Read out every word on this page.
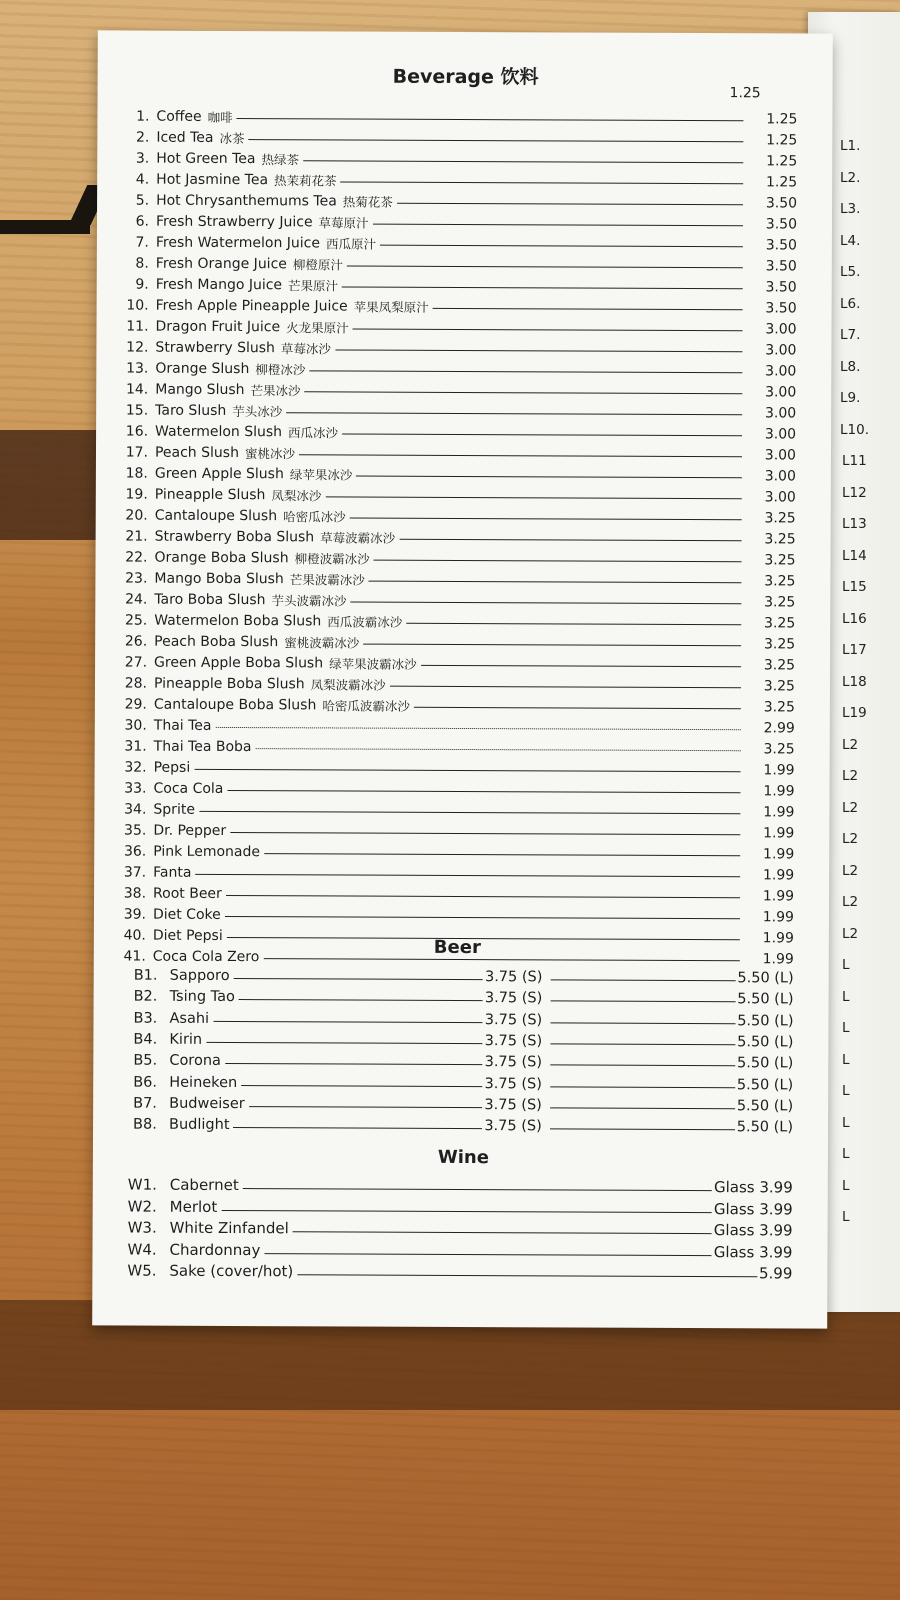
L1.
L2.
L3.
L4.
L5.
L6.
L7.
L8.
L9.
L10.
L11
L12
L13
L14
L15
L16
L17
L18
L19
L2
L2
L2
L2
L2
L2
L2
L
L
L
L
L
L
L
L
L
Beverage 饮料
1.25
1. Coffee 咖啡	1.25
2. Iced Tea 冰茶	1.25
3. Hot Green Tea 热绿茶	1.25
4. Hot Jasmine Tea 热茉莉花茶	1.25
5. Hot Chrysanthemums Tea 热菊花茶	3.50
6. Fresh Strawberry Juice 草莓原汁	3.50
7. Fresh Watermelon Juice 西瓜原汁	3.50
8. Fresh Orange Juice 柳橙原汁	3.50
9. Fresh Mango Juice 芒果原汁	3.50
10. Fresh Apple Pineapple Juice 苹果凤梨原汁	3.50
11. Dragon Fruit Juice 火龙果原汁	3.00
12. Strawberry Slush 草莓冰沙	3.00
13. Orange Slush 柳橙冰沙	3.00
14. Mango Slush 芒果冰沙	3.00
15. Taro Slush 芋头冰沙	3.00
16. Watermelon Slush 西瓜冰沙	3.00
17. Peach Slush 蜜桃冰沙	3.00
18. Green Apple Slush 绿苹果冰沙	3.00
19. Pineapple Slush 凤梨冰沙	3.00
20. Cantaloupe Slush 哈密瓜冰沙	3.25
21. Strawberry Boba Slush 草莓波霸冰沙	3.25
22. Orange Boba Slush 柳橙波霸冰沙	3.25
23. Mango Boba Slush 芒果波霸冰沙	3.25
24. Taro Boba Slush 芋头波霸冰沙	3.25
25. Watermelon Boba Slush 西瓜波霸冰沙	3.25
26. Peach Boba Slush 蜜桃波霸冰沙	3.25
27. Green Apple Boba Slush 绿苹果波霸冰沙	3.25
28. Pineapple Boba Slush 凤梨波霸冰沙	3.25
29. Cantaloupe Boba Slush 哈密瓜波霸冰沙	3.25
30. Thai Tea	2.99
31. Thai Tea Boba	3.25
32. Pepsi	1.99
33. Coca Cola	1.99
34. Sprite	1.99
35. Dr. Pepper	1.99
36. Pink Lemonade	1.99
37. Fanta	1.99
38. Root Beer	1.99
39. Diet Coke	1.99
40. Diet Pepsi	1.99
41. Coca Cola Zero	1.99
Beer
B1. Sapporo	3.75 (S)	5.50 (L)
B2. Tsing Tao	3.75 (S)	5.50 (L)
B3. Asahi	3.75 (S)	5.50 (L)
B4. Kirin	3.75 (S)	5.50 (L)
B5. Corona	3.75 (S)	5.50 (L)
B6. Heineken	3.75 (S)	5.50 (L)
B7. Budweiser	3.75 (S)	5.50 (L)
B8. Budlight	3.75 (S)	5.50 (L)
Wine
W1. Cabernet	Glass 3.99
W2. Merlot	Glass 3.99
W3. White Zinfandel	Glass 3.99
W4. Chardonnay	Glass 3.99
W5. Sake (cover/hot)	5.99
